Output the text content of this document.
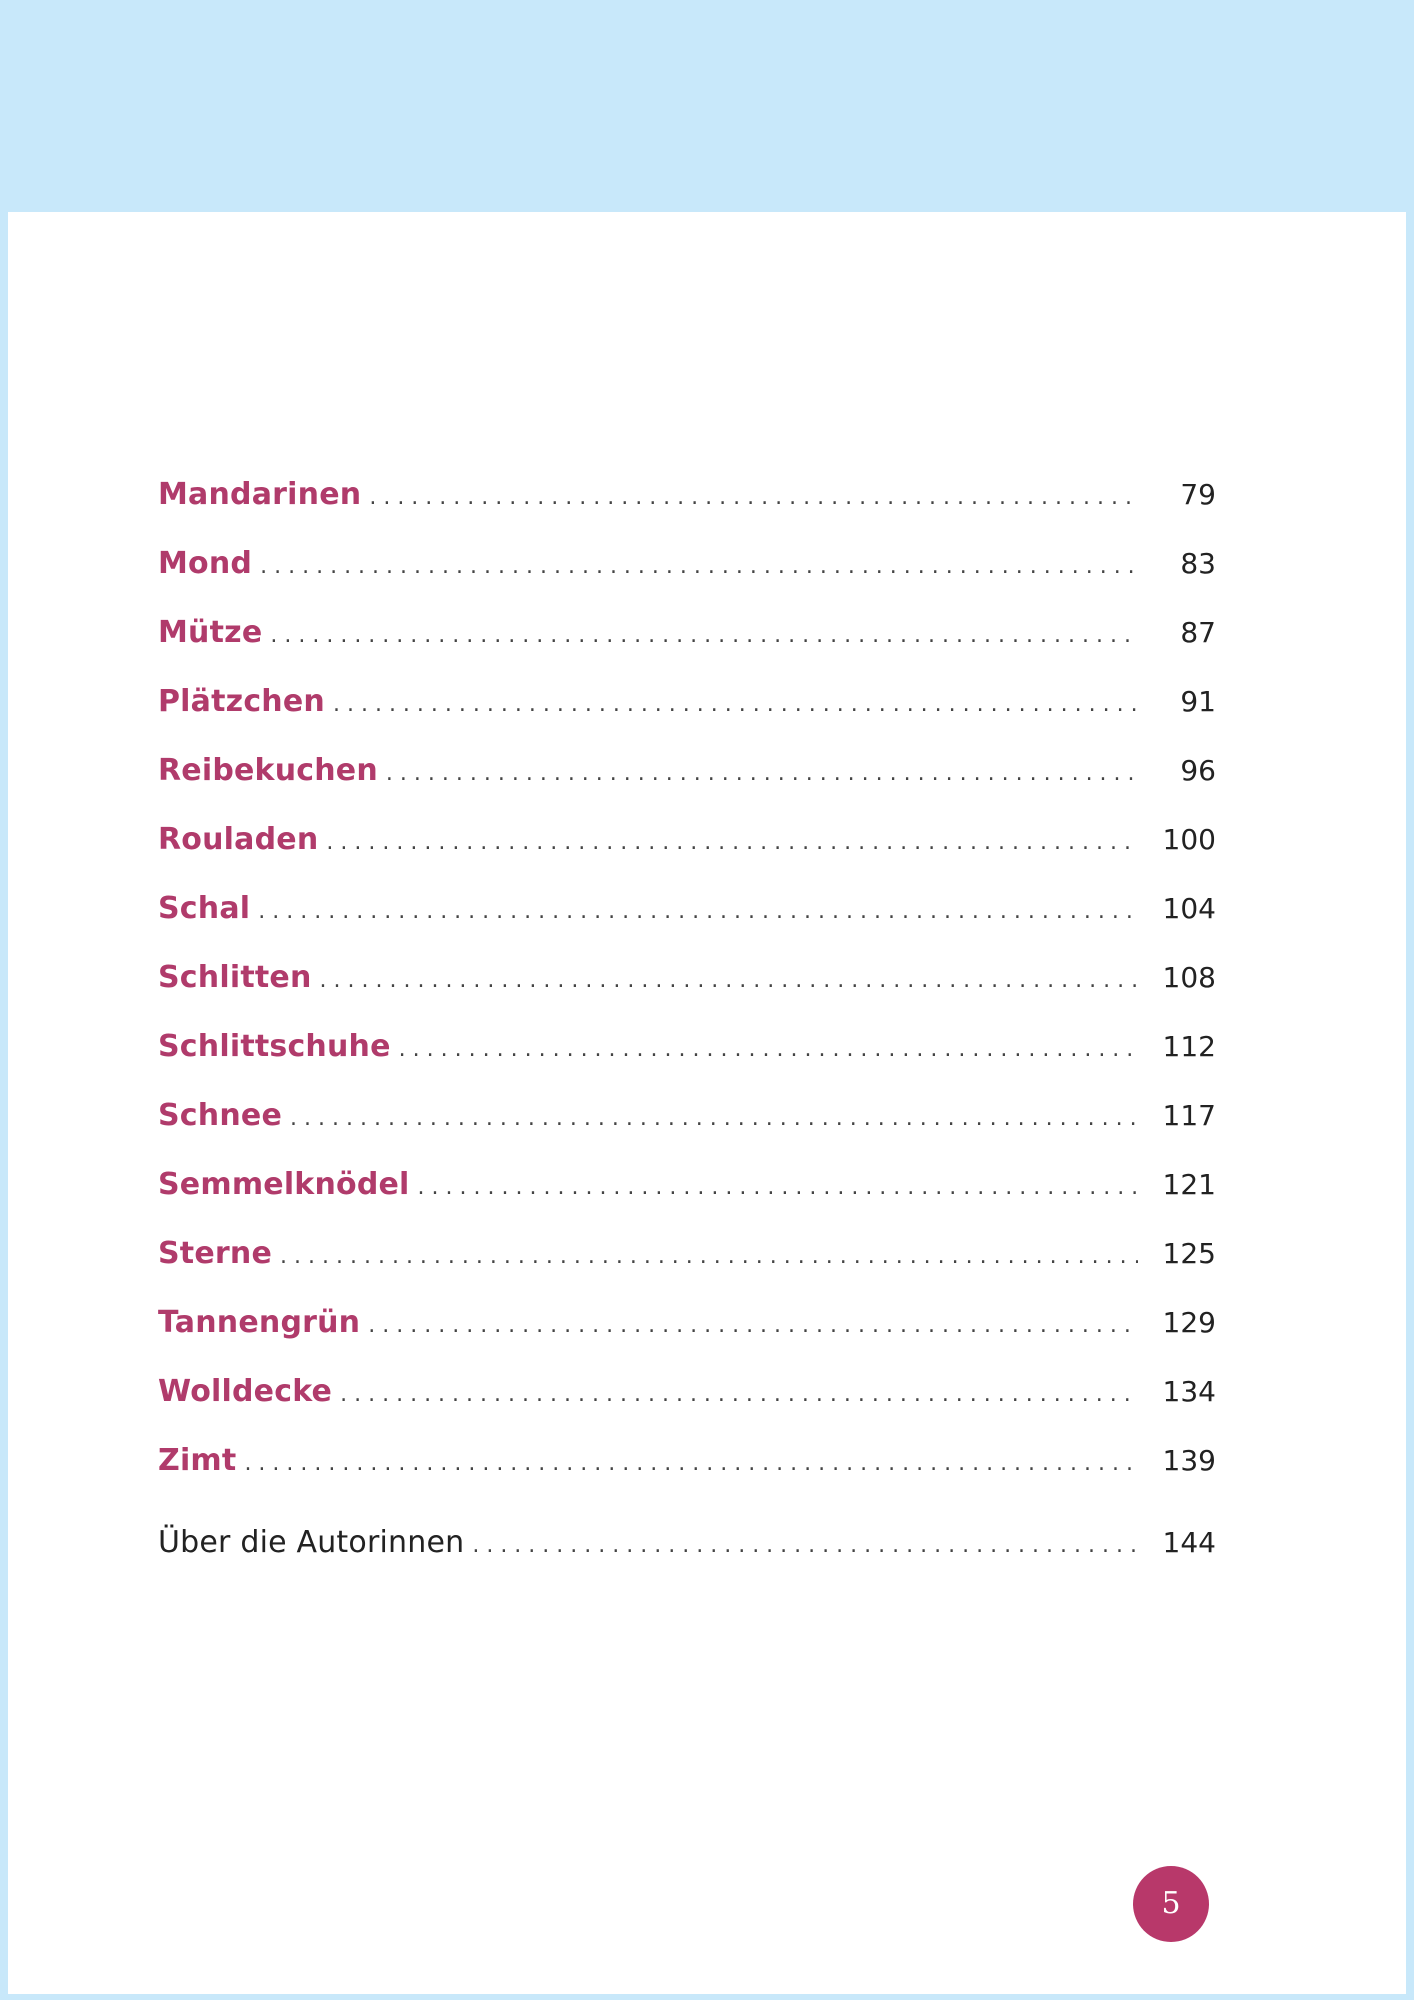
Mandarinen .....	79
Mond .....	83
Mütze .....	87
Plätzchen .....	91
Reibekuchen .....	96
Rouladen .....	100
Schal .....	104
Schlitten .....	108
Schlittschuhe .....	112
Schnee .....	117
Semmelknödel .....	121
Sterne .....	125
Tannengrün .....	129
Wolldecke .....	134
Zimt .....	139
Über die Autorinnen .....	144
5
